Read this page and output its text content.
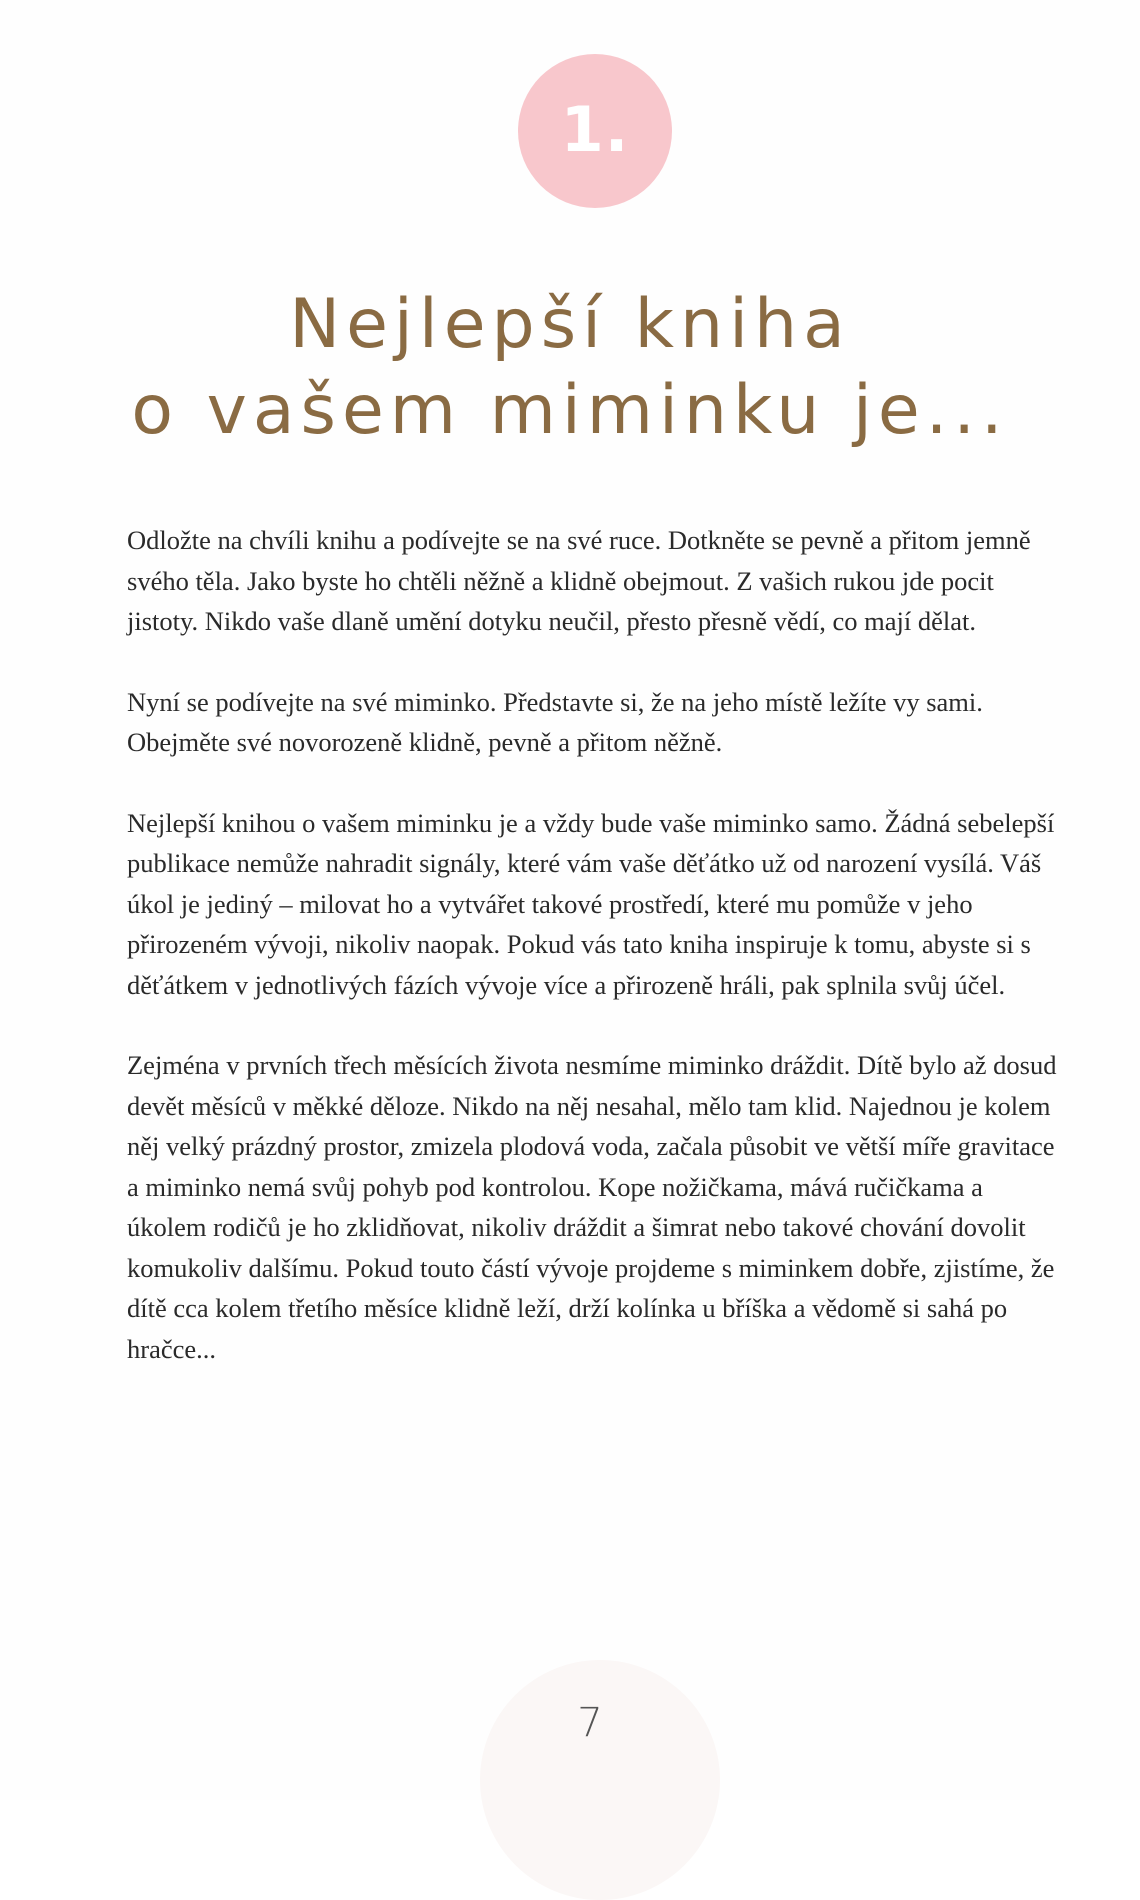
1.
Nejlepší kniha
o vašem miminku je...

Odložte na chvíli knihu a podívejte se na své ruce. Dotkněte se pevně a přitom jemně svého těla. Jako byste ho chtěli něžně a klidně obejmout. Z vašich rukou jde pocit jistoty. Nikdo vaše dlaně umění dotyku neučil, přesto přesně vědí, co mají dělat.

Nyní se podívejte na své miminko. Představte si, že na jeho místě ležíte vy sami. Obejměte své novorozeně klidně, pevně a přitom něžně.

Nejlepší knihou o vašem miminku je a vždy bude vaše miminko samo. Žádná sebelepší publikace nemůže nahradit signály, které vám vaše děťátko už od narození vysílá. Váš úkol je jediný – milovat ho a vytvářet takové prostředí, které mu pomůže v jeho přirozeném vývoji, nikoliv naopak. Pokud vás tato kniha inspiruje k tomu, abyste si s děťátkem v jednotlivých fázích vývoje více a přirozeně hráli, pak splnila svůj účel.

Zejména v prvních třech měsících života nesmíme miminko dráždit. Dítě bylo až dosud devět měsíců v měkké děloze. Nikdo na něj nesahal, mělo tam klid. Najednou je kolem něj velký prázdný prostor, zmizela plodová voda, začala působit ve větší míře gravitace a miminko nemá svůj pohyb pod kontrolou. Kope nožičkama, mává ručičkama a úkolem rodičů je ho zklidňovat, nikoliv dráždit a šimrat nebo takové chování dovolit komukoliv dalšímu. Pokud touto částí vývoje projdeme s miminkem dobře, zjistíme, že dítě cca kolem třetího měsíce klidně leží, drží kolínka u bříška a vědomě si sahá po hračce...

7
